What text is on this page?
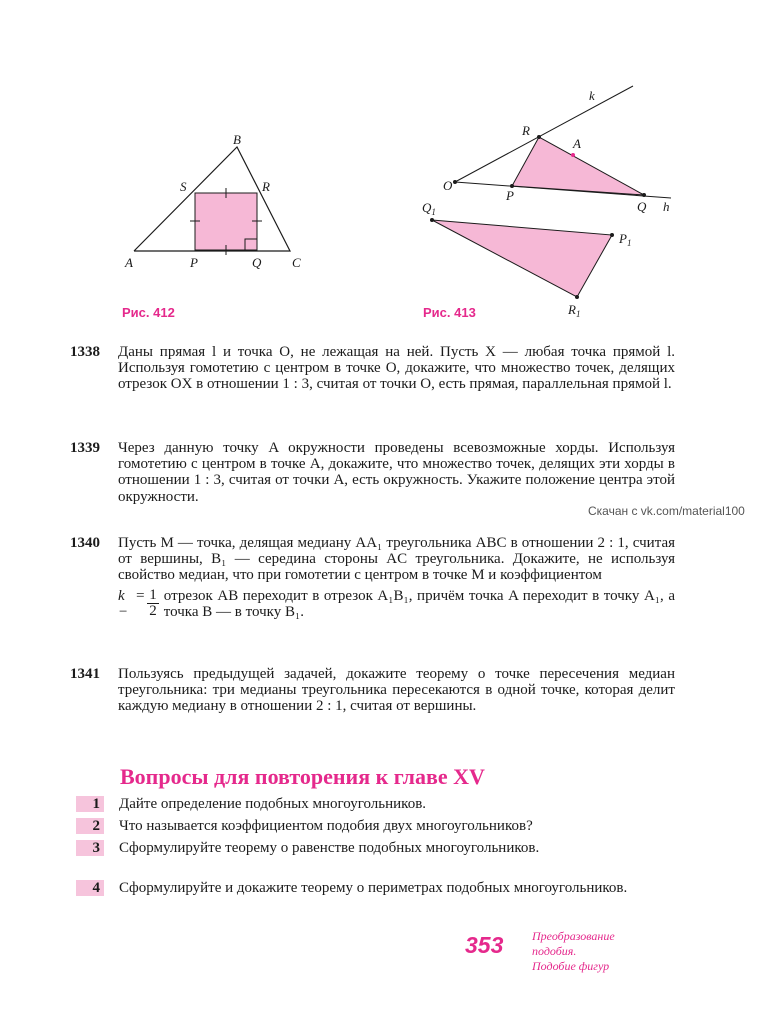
B
S	R
A	P	Q C
Рис. 412
k
R
A
O
P
Q h
$Q_1$
$P_1$
$R_1$
Рис. 413
1338 Даны прямая l и точка O, не лежащая на ней. Пусть X — любая точка прямой l. Используя гомотетию с центром в точке O, докажите, что множество точек, делящих отрезок OX в отношении 1 : 3, считая от точки O, есть прямая, параллельная прямой l.
1339 Через данную точку A окружности проведены всевозможные хорды. Используя гомотетию с центром в точке A, докажите, что множество точек, делящих эти хорды в отношении 1 : 3, считая от точки A, есть окружность. Укажите положение центра этой окружности.
1340 Пусть M — точка, делящая медиану AA₁ треугольника ABC в отношении 2 : 1, считая от вершины, B₁ — середина стороны AC треугольника. Докажите, не используя свойство медиан, что при гомотетии с центром в точке M и коэффициентом
k = −	$\frac{1}{2}$ отрезок AB переходит в отрезок A₁B₁, причём точка A переходит в точку A₁, а точка B — в точку B₁.
1341 Пользуясь предыдущей задачей, докажите теорему о точке пересечения медиан треугольника: три медианы треугольника пересекаются в одной точке, которая делит каждую медиану в отношении 2 : 1, считая от вершины.
Скачан с vk.com/material100
Вопросы для повторения к главе XV
1 Дайте определение подобных многоугольников.
2 Что называется коэффициентом подобия двух многоугольников?
3 Сформулируйте теорему о равенстве подобных многоугольников.
4 Сформулируйте и докажите теорему о периметрах подобных многоугольников.
353 Преобразование
подобия.
Подобие фигур
